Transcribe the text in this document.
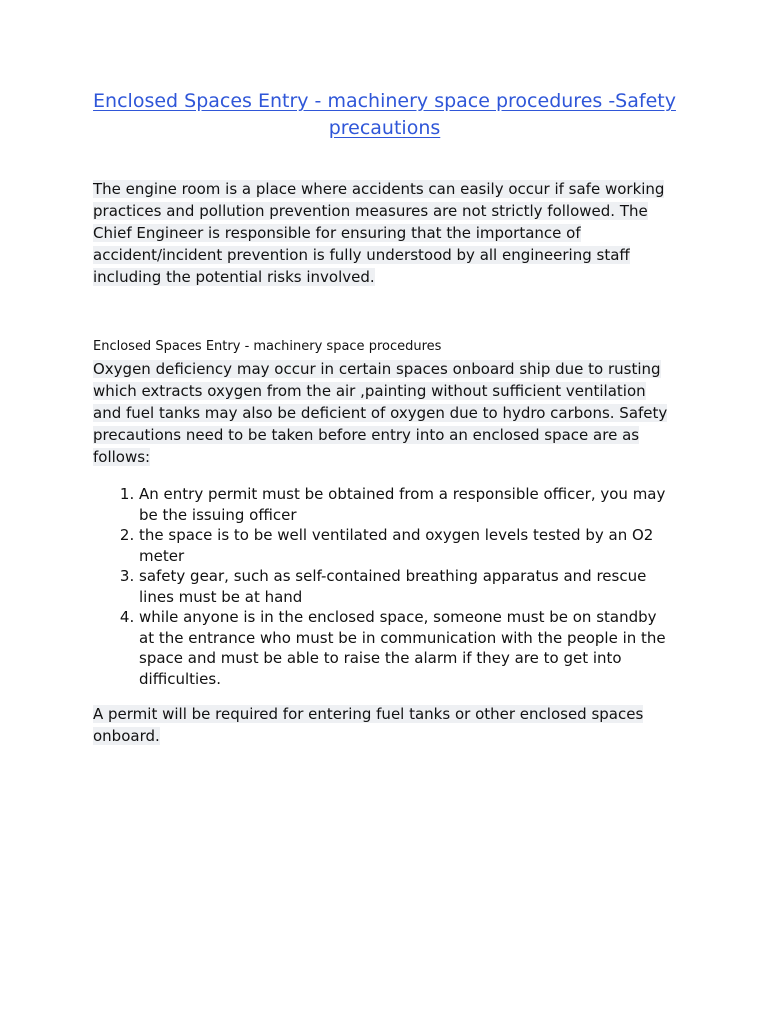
Enclosed Spaces Entry - machinery space procedures -Safety precautions

The engine room is a place where accidents can easily occur if safe working practices and pollution prevention measures are not strictly followed. The Chief Engineer is responsible for ensuring that the importance of accident/incident prevention is fully understood by all engineering staff including the potential risks involved.

Enclosed Spaces Entry - machinery space procedures

Oxygen deficiency may occur in certain spaces onboard ship due to rusting which extracts oxygen from the air ,painting without sufficient ventilation and fuel tanks may also be deficient of oxygen due to hydro carbons. Safety precautions need to be taken before entry into an enclosed space are as follows:

1. An entry permit must be obtained from a responsible officer, you may be the issuing officer
2. the space is to be well ventilated and oxygen levels tested by an O2 meter
3. safety gear, such as self-contained breathing apparatus and rescue lines must be at hand
4. while anyone is in the enclosed space, someone must be on standby at the entrance who must be in communication with the people in the space and must be able to raise the alarm if they are to get into difficulties.

A permit will be required for entering fuel tanks or other enclosed spaces onboard.
